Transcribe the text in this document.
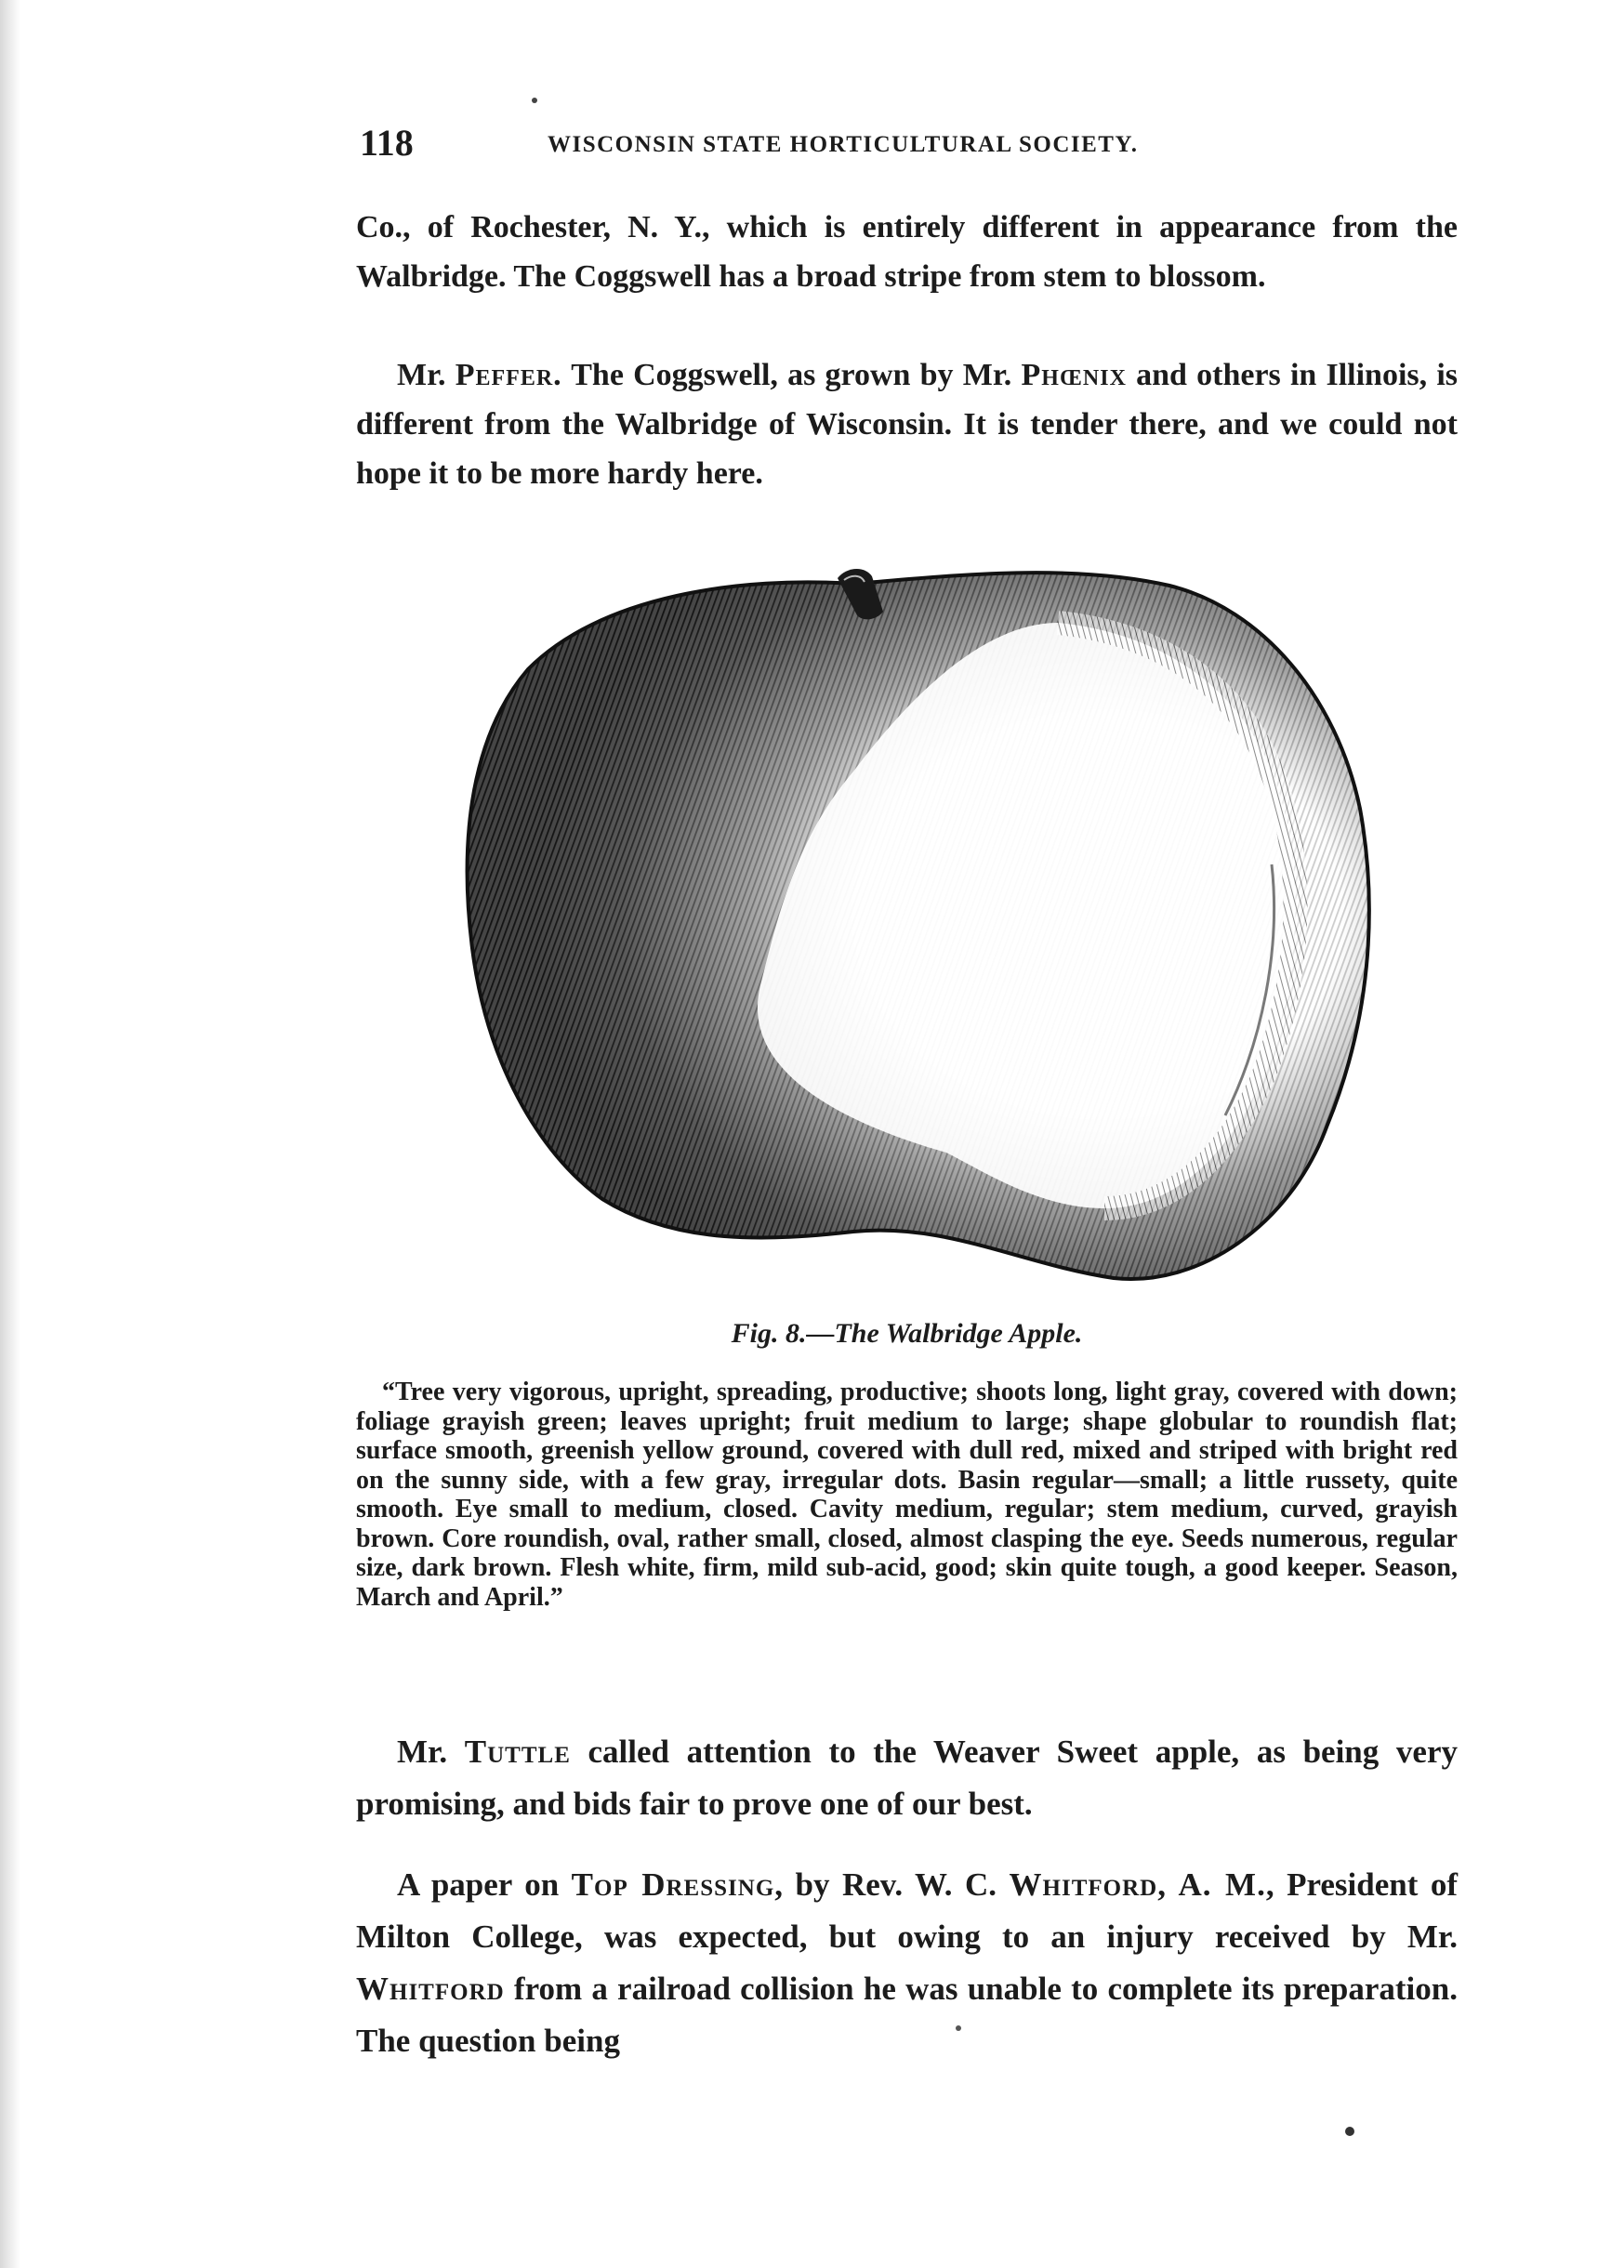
118	WISCONSIN STATE HORTICULTURAL SOCIETY.

Co., of Rochester, N. Y., which is entirely different in appearance from the Walbridge. The Coggswell has a broad stripe from stem to blossom.

Mr. Peffer. The Coggswell, as grown by Mr. Phœnix and others in Illinois, is different from the Walbridge of Wisconsin. It is tender there, and we could not hope it to be more hardy here.

Fig. 8.—The Walbridge Apple.

“Tree very vigorous, upright, spreading, productive; shoots long, light gray, covered with down; foliage grayish green; leaves upright; fruit medium to large; shape globular to roundish flat; surface smooth, greenish yellow ground, covered with dull red, mixed and striped with bright red on the sunny side, with a few gray, irregular dots. Basin regular—small; a little russety, quite smooth. Eye small to medium, closed. Cavity medium, regular; stem medium, curved, grayish brown. Core roundish, oval, rather small, closed, almost clasping the eye. Seeds numerous, regular size, dark brown. Flesh white, firm, mild sub-acid, good; skin quite tough, a good keeper. Season, March and April.”

Mr. Tuttle called attention to the Weaver Sweet apple, as being very promising, and bids fair to prove one of our best.

A paper on Top Dressing, by Rev. W. C. Whitford, A. M., President of Milton College, was expected, but owing to an injury received by Mr. Whitford from a railroad collision he was unable to complete its preparation. The question being
